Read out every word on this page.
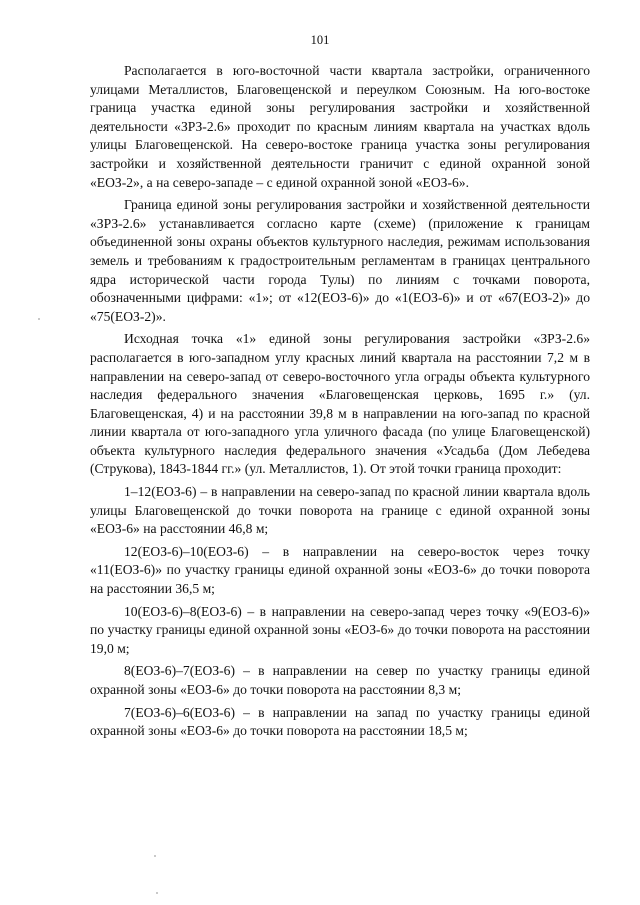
101

Располагается в юго-восточной части квартала застройки, ограниченного улицами Металлистов, Благовещенской и переулком Союзным. На юго-востоке граница участка единой зоны регулирования застройки и хозяйственной деятельности «ЗРЗ-2.6» проходит по красным линиям квартала на участках вдоль улицы Благовещенской. На северо-востоке граница участка зоны регулирования застройки и хозяйственной деятельности граничит с единой охранной зоной «ЕОЗ-2», а на северо-западе – с единой охранной зоной «ЕОЗ-6».

Граница единой зоны регулирования застройки и хозяйственной деятельности «ЗРЗ-2.6» устанавливается согласно карте (схеме) (приложение к границам объединенной зоны охраны объектов культурного наследия, режимам использования земель и требованиям к градостроительным регламентам в границах центрального ядра исторической части города Тулы) по линиям с точками поворота, обозначенными цифрами: «1»; от «12(ЕОЗ-6)» до «1(ЕОЗ-6)» и от «67(ЕОЗ-2)» до «75(ЕОЗ-2)».

Исходная точка «1» единой зоны регулирования застройки «ЗРЗ-2.6» располагается в юго-западном углу красных линий квартала на расстоянии 7,2 м в направлении на северо-запад от северо-восточного угла ограды объекта культурного наследия федерального значения «Благовещенская церковь, 1695 г.» (ул. Благовещенская, 4) и на расстоянии 39,8 м в направлении на юго-запад по красной линии квартала от юго-западного угла уличного фасада (по улице Благовещенской) объекта культурного наследия федерального значения «Усадьба (Дом Лебедева (Струкова), 1843-1844 гг.» (ул. Металлистов, 1). От этой точки граница проходит:

1–12(ЕОЗ-6) – в направлении на северо-запад по красной линии квартала вдоль улицы Благовещенской до точки поворота на границе с единой охранной зоны «ЕОЗ-6» на расстоянии 46,8 м;

12(ЕОЗ-6)–10(ЕОЗ-6) – в направлении на северо-восток через точку «11(ЕОЗ-6)» по участку границы единой охранной зоны «ЕОЗ-6» до точки поворота на расстоянии 36,5 м;

10(ЕОЗ-6)–8(ЕОЗ-6) – в направлении на северо-запад через точку «9(ЕОЗ-6)» по участку границы единой охранной зоны «ЕОЗ-6» до точки поворота на расстоянии 19,0 м;

8(ЕОЗ-6)–7(ЕОЗ-6) – в направлении на север по участку границы единой охранной зоны «ЕОЗ-6» до точки поворота на расстоянии 8,3 м;

7(ЕОЗ-6)–6(ЕОЗ-6) – в направлении на запад по участку границы единой охранной зоны «ЕОЗ-6» до точки поворота на расстоянии 18,5 м;
